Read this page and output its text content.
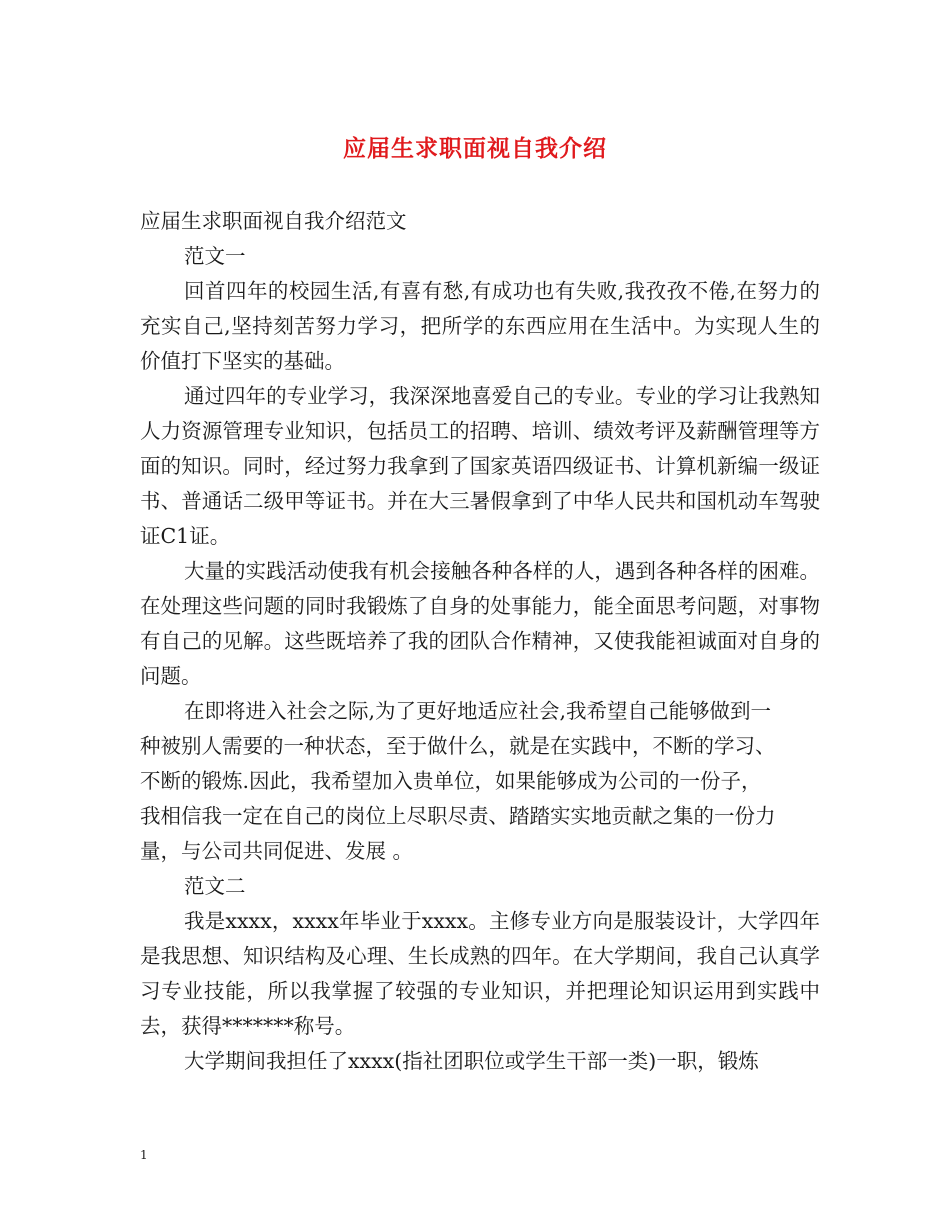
应届生求职面视自我介绍

应届生求职面视自我介绍范文

范文一

回首四年的校园生活,有喜有愁,有成功也有失败,我孜孜不倦,在努力的充实自己,坚持刻苦努力学习，把所学的东西应用在生活中。为实现人生的价值打下坚实的基础。

通过四年的专业学习，我深深地喜爱自己的专业。专业的学习让我熟知人力资源管理专业知识，包括员工的招聘、培训、绩效考评及薪酬管理等方面的知识。同时，经过努力我拿到了国家英语四级证书、计算机新编一级证书、普通话二级甲等证书。并在大三暑假拿到了中华人民共和国机动车驾驶证C1证。

大量的实践活动使我有机会接触各种各样的人，遇到各种各样的困难。在处理这些问题的同时我锻炼了自身的处事能力，能全面思考问题，对事物有自己的见解。这些既培养了我的团队合作精神，又使我能袒诚面对自身的问题。

在即将进入社会之际,为了更好地适应社会,我希望自己能够做到一

种被别人需要的一种状态，至于做什么，就是在实践中，不断的学习、

不断的锻炼.因此，我希望加入贵单位，如果能够成为公司的一份子，

我相信我一定在自己的岗位上尽职尽责、踏踏实实地贡献之集的一份力

量，与公司共同促进、发展 。

范文二

我是xxxx，xxxx年毕业于xxxx。主修专业方向是服装设计，大学四年是我思想、知识结构及心理、生长成熟的四年。在大学期间，我自己认真学习专业技能，所以我掌握了较强的专业知识，并把理论知识运用到实践中去，获得*******称号。

大学期间我担任了xxxx(指社团职位或学生干部一类)一职，锻炼

1
